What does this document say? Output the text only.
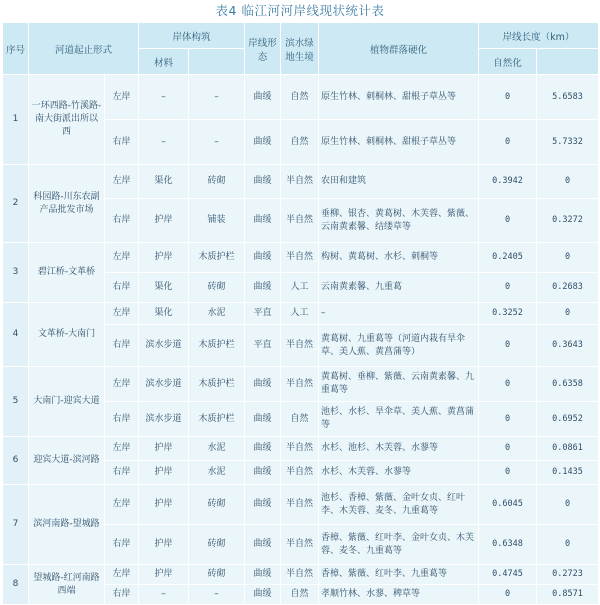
表4 临江河河岸线现状统计表
序号	河道起止形式		岸体构筑		岸线形态	滨水绿地生境	植物群落硬化	岸线长度（km）	
			材料					自然化	
1	一环西路-竹溪路-南大街派出所以西	左岸	–	–	曲缓	自然	原生竹林、刺桐林、甜根子草丛等	0	5.6583
		右岸	–	–	曲缓	自然	原生竹林、刺桐林、甜根子草丛等	0	5.7332
2	科园路-川东农副产品批发市场	左岸	渠化	砖砌	曲缓	半自然	农田和建筑	0.3942	0
		右岸	护岸	铺装	曲缓	半自然	垂柳、银杏、黄葛树、木芙蓉、紫薇、云南黄素馨、结缕草等	0	0.3272
3	碧江桥-文革桥	左岸	护岸	木质护栏	曲缓	半自然	构树、黄葛树、水杉、刺桐等	0.2405	0
		右岸	渠化	砖砌	曲缓	人工	云南黄素馨、九重葛	0	0.2683
4	文革桥-大南门	左岸	渠化	水泥	平直	人工	–	0.3252	0
		右岸	滨水步道	木质护栏	平直	半自然	黄葛树、九重葛等（河道内栽有旱伞草、美人蕉、黄菖蒲等）	0	0.3643
5	大南门-迎宾大道	左岸	滨水步道	木质护栏	曲缓	半自然	黄葛树、垂柳、紫薇、云南黄素馨、九重葛等	0	0.6358
		右岸	滨水步道	木质护栏	曲缓	自然	池杉、水杉、旱伞草、美人蕉、黄菖蒲等	0	0.6952
6	迎宾大道-滨河路	左岸	护岸	水泥	曲缓	半自然	水杉、池杉、木芙蓉、水蓼等	0	0.0861
		右岸	护岸	水泥	曲缓	半自然	水杉、木芙蓉、水蓼等	0	0.1435
7	滨河南路-望城路	左岸	护岸	砖砌	曲缓	半自然	池杉、香樟、紫薇、金叶女贞、红叶李、木芙蓉、麦冬、九重葛等	0.6045	0
		右岸	护岸	砖砌	曲缓	半自然	香樟、紫薇、红叶李、金叶女贞、木芙蓉、麦冬、九重葛等	0.6348	0
8	望城路-红河南路西端	左岸	护岸	砖砌	曲缓	半自然	香樟、紫薇、红叶李、九重葛等	0.4745	0.2723
		右岸	–	–	曲缓	自然	孝顺竹林、水蓼、稗草等	0	0.8571
